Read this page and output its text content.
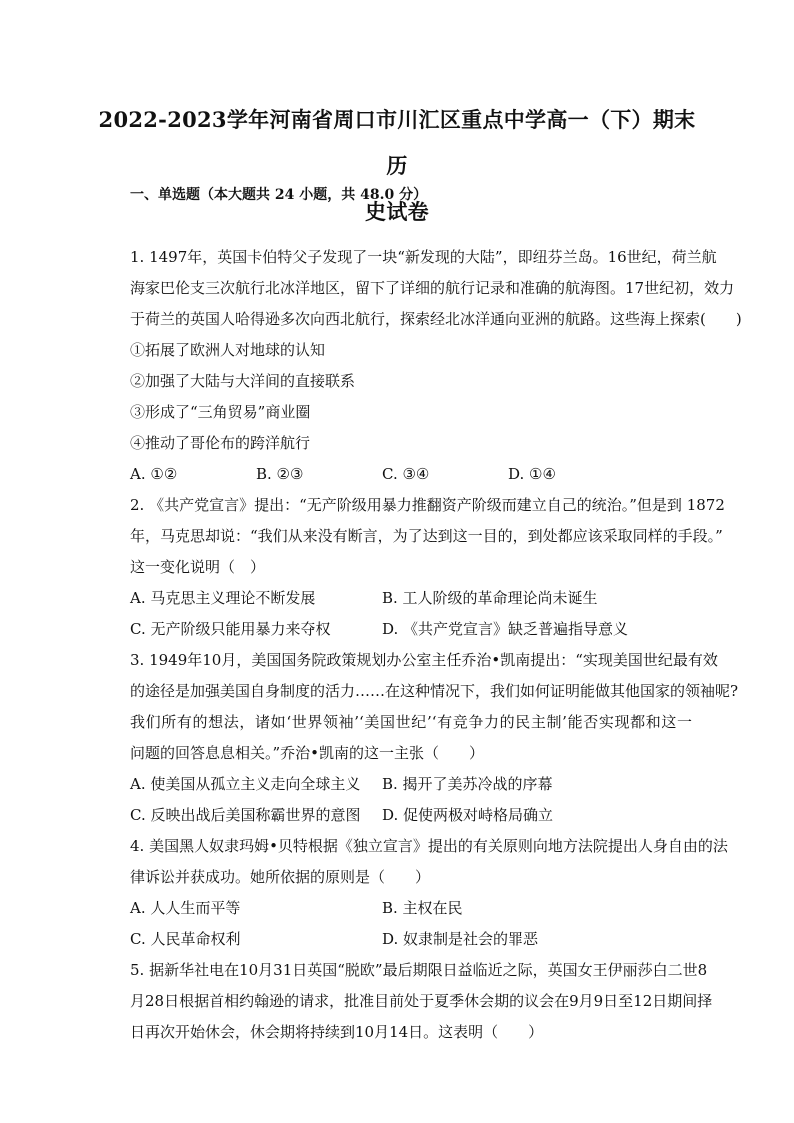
2022-2023学年河南省周口市川汇区重点中学高一（下）期末历
史试卷
一、单选题（本大题共 24 小题，共 48.0 分）
1. 1497年，英国卡伯特父子发现了一块“新发现的大陆”，即纽芬兰岛。16世纪，荷兰航
海家巴伦支三次航行北冰洋地区，留下了详细的航行记录和准确的航海图。17世纪初，效力
于荷兰的英国人哈得逊多次向西北航行，探索经北冰洋通向亚洲的航路。这些海上探索(　　)
①拓展了欧洲人对地球的认知
②加强了大陆与大洋间的直接联系
③形成了“三角贸易”商业圈
④推动了哥伦布的跨洋航行
A. ①②	B. ②③	C. ③④	D. ①④
2. 《共产党宣言》提出：“无产阶级用暴力推翻资产阶级而建立自己的统治。”但是到 1872
年，马克思却说：“我们从来没有断言，为了达到这一目的，到处都应该采取同样的手段。”
这一变化说明（　）
A. 马克思主义理论不断发展	B. 工人阶级的革命理论尚未诞生
C. 无产阶级只能用暴力来夺权	D. 《共产党宣言》缺乏普遍指导意义
3. 1949年10月，美国国务院政策规划办公室主任乔治•凯南提出：“实现美国世纪最有效
的途径是加强美国自身制度的活力……在这种情况下，我们如何证明能做其他国家的领袖呢?
我们所有的想法，诸如‘世界领袖’‘美国世纪’‘有竞争力的民主制’能否实现都和这一
问题的回答息息相关。”乔治•凯南的这一主张（　　）
A. 使美国从孤立主义走向全球主义 B. 揭开了美苏冷战的序幕
C. 反映出战后美国称霸世界的意图 D. 促使两极对峙格局确立
4. 美国黑人奴隶玛姆•贝特根据《独立宣言》提出的有关原则向地方法院提出人身自由的法
律诉讼并获成功。她所依据的原则是（　　）
A. 人人生而平等	B. 主权在民
C. 人民革命权利	D. 奴隶制是社会的罪恶
5. 据新华社电在10月31日英国“脱欧”最后期限日益临近之际，英国女王伊丽莎白二世8
月28日根据首相约翰逊的请求，批准目前处于夏季休会期的议会在9月9日至12日期间择
日再次开始休会，休会期将持续到10月14日。这表明（　　）
